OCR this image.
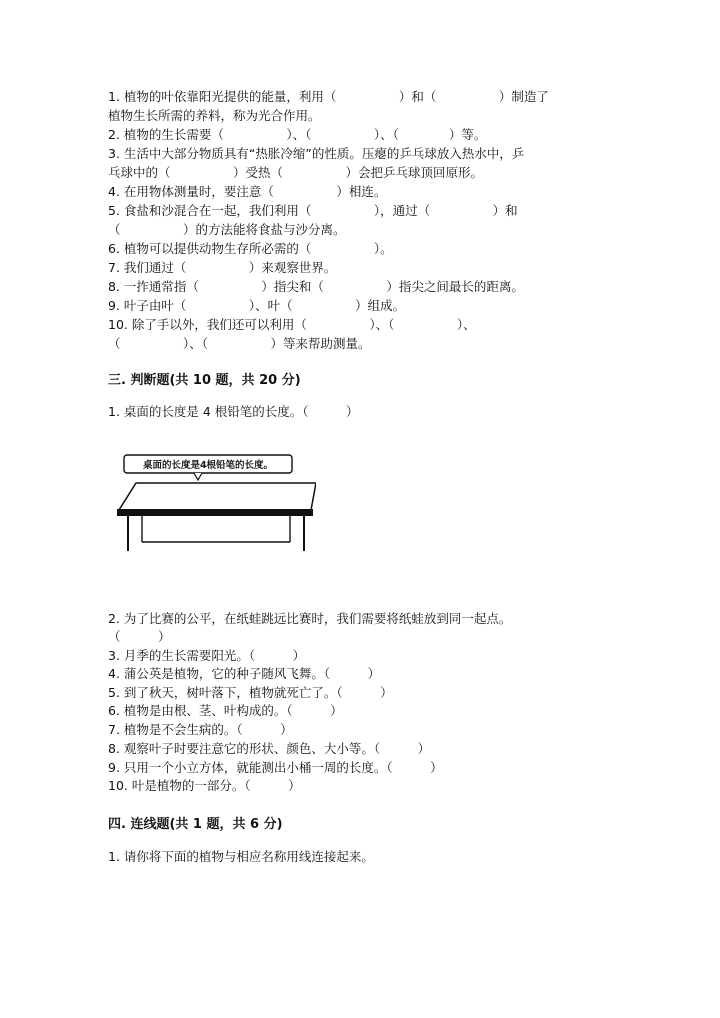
1. 植物的叶依靠阳光提供的能量，利用（　　　　　）和（　　　　　）制造了
植物生长所需的养料，称为光合作用。
2. 植物的生长需要（　　　　　）、（　　　　　）、（　　　　）等。
3. 生活中大部分物质具有“热胀冷缩”的性质。压瘪的乒乓球放入热水中，乒
乓球中的（　　　　　）受热（　　　　　）会把乒乓球顶回原形。
4. 在用物体测量时，要注意（　　　　　）相连。
5. 食盐和沙混合在一起，我们利用（　　　　　），通过（　　　　　）和
（　　　　　）的方法能将食盐与沙分离。
6. 植物可以提供动物生存所必需的（　　　　　）。
7. 我们通过（　　　　　）来观察世界。
8. 一拃通常指（　　　　　）指尖和（　　　　　）指尖之间最长的距离。
9. 叶子由叶（　　　　　）、叶（　　　　　）组成。
10. 除了手以外，我们还可以利用（　　　　　）、（　　　　　）、
（　　　　　）、（　　　　　）等来帮助测量。
三. 判断题(共 10 题，共 20 分)
1. 桌面的长度是 4 根铅笔的长度。（　　　）
桌面的长度是4根铅笔的长度。
2. 为了比赛的公平，在纸蛙跳远比赛时，我们需要将纸蛙放到同一起点。
（　　　）
3. 月季的生长需要阳光。（　　　）
4. 蒲公英是植物，它的种子随风飞舞。（　　　）
5. 到了秋天，树叶落下，植物就死亡了。（　　　）
6. 植物是由根、茎、叶构成的。（　　　）
7. 植物是不会生病的。（　　　）
8. 观察叶子时要注意它的形状、颜色、大小等。（　　　）
9. 只用一个小立方体，就能测出小桶一周的长度。（　　　）
10. 叶是植物的一部分。（　　　）
四. 连线题(共 1 题，共 6 分)
1. 请你将下面的植物与相应名称用线连接起来。
